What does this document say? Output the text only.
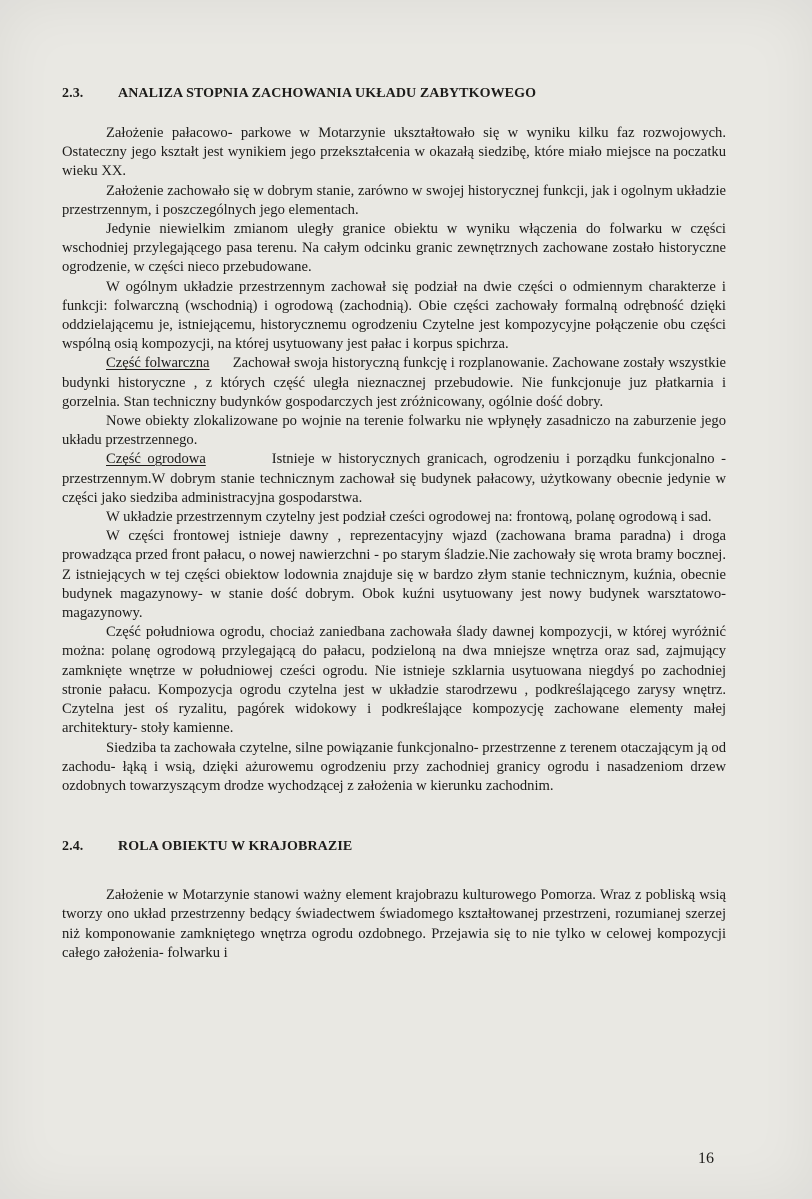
2.3.	ANALIZA STOPNIA ZACHOWANIA UKŁADU ZABYTKOWEGO

Założenie pałacowo- parkowe w Motarzynie ukształtowało się w wyniku kilku faz rozwojowych. Ostateczny jego kształt jest wynikiem jego przekształcenia w okazałą siedzibę, które miało miejsce na poczatku wieku XX.

Założenie zachowało się w dobrym stanie, zarówno w swojej historycznej funkcji, jak i ogolnym układzie przestrzennym, i poszczególnych jego elementach.

Jedynie niewielkim zmianom uległy granice obiektu w wyniku włączenia do folwarku w części wschodniej przylegającego pasa terenu. Na całym odcinku granic zewnętrznych zachowane zostało historyczne ogrodzenie, w części nieco przebudowane.

W ogólnym układzie przestrzennym zachował się podział na dwie części o odmiennym charakterze i funkcji: folwarczną (wschodnią) i ogrodową (zachodnią). Obie części zachowały formalną odrębność dzięki oddzielającemu je, istniejącemu, historycznemu ogrodzeniu Czytelne jest kompozycyjne połączenie obu części wspólną osią kompozycji, na której usytuowany jest pałac i korpus spichrza.

Część folwarczna Zachował swoja historyczną funkcję i rozplanowanie. Zachowane zostały wszystkie budynki historyczne , z których część uległa nieznacznej przebudowie. Nie funkcjonuje juz płatkarnia i gorzelnia. Stan techniczny budynków gospodarczych jest zróżnicowany, ogólnie dość dobry.

Nowe obiekty zlokalizowane po wojnie na terenie folwarku nie wpłynęły zasadniczo na zaburzenie jego układu przestrzennego.

Część ogrodowa	Istnieje w historycznych granicach, ogrodzeniu i porządku funkcjonalno - przestrzennym.W dobrym stanie technicznym zachował się budynek pałacowy, użytkowany obecnie jedynie w części jako siedziba administracyjna gospodarstwa.

W układzie przestrzennym czytelny jest podział cześci ogrodowej na: frontową, polanę ogrodową i sad.

W części frontowej istnieje dawny , reprezentacyjny wjazd (zachowana brama paradna) i droga prowadząca przed front pałacu, o nowej nawierzchni - po starym śladzie.Nie zachowały się wrota bramy bocznej. Z istniejących w tej części obiektow lodownia znajduje się w bardzo złym stanie technicznym, kuźnia, obecnie budynek magazynowy- w stanie dość dobrym. Obok kuźni usytuowany jest nowy budynek warsztatowo- magazynowy.

Część południowa ogrodu, chociaż zaniedbana zachowała ślady dawnej kompozycji, w której wyróżnić można: polanę ogrodową przylegającą do pałacu, podzieloną na dwa mniejsze wnętrza oraz sad, zajmujący zamknięte wnętrze w południowej cześci ogrodu. Nie istnieje szklarnia usytuowana niegdyś po zachodniej stronie pałacu. Kompozycja ogrodu czytelna jest w układzie starodrzewu , podkreślającego zarysy wnętrz. Czytelna jest oś ryzalitu, pagórek widokowy i podkreślające kompozycję zachowane elementy małej architektury- stoły kamienne.

Siedziba ta zachowała czytelne, silne powiązanie funkcjonalno- przestrzenne z terenem otaczającym ją od zachodu- łąką i wsią, dzięki ażurowemu ogrodzeniu przy zachodniej granicy ogrodu i nasadzeniom drzew ozdobnych towarzyszącym drodze wychodzącej z założenia w kierunku zachodnim.

2.4.	ROLA OBIEKTU W KRAJOBRAZIE

Założenie w Motarzynie stanowi ważny element krajobrazu kulturowego Pomorza. Wraz z pobliską wsią tworzy ono układ przestrzenny bedący świadectwem świadomego kształtowanej przestrzeni, rozumianej szerzej niż komponowanie zamkniętego wnętrza ogrodu ozdobnego. Przejawia się to nie tylko w celowej kompozycji całego założenia- folwarku i

16
